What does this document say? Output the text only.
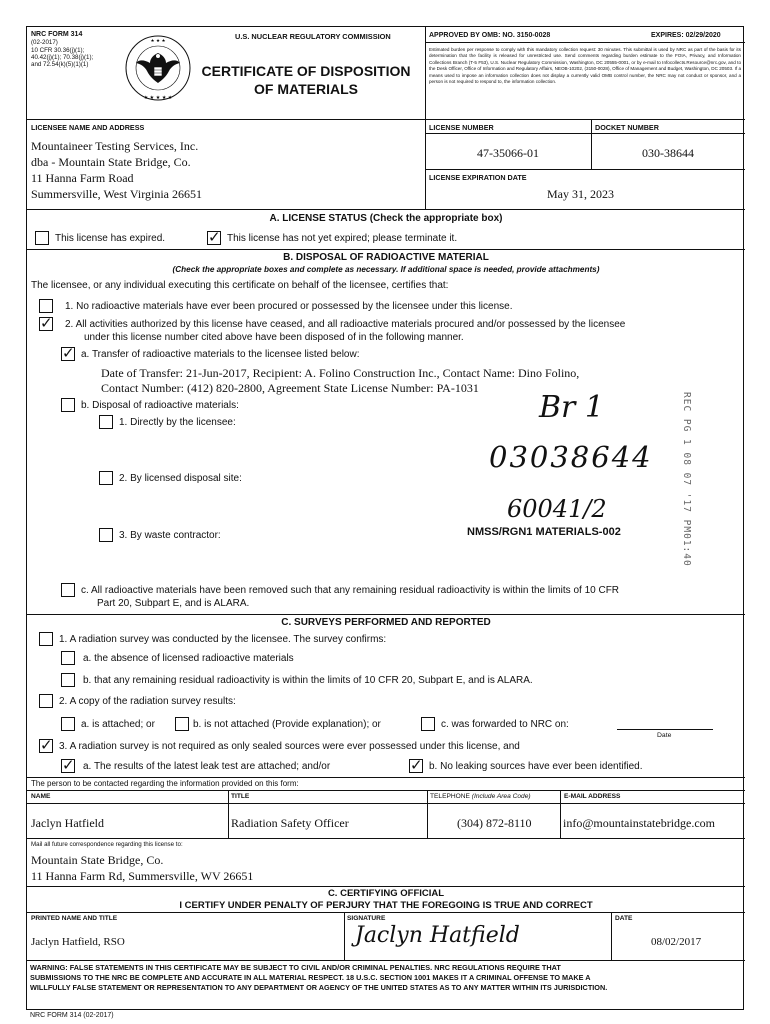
NRC FORM 314
(02-2017)
10 CFR 30.36(j)(1);
40.42(j)(1); 70.38(j)(1);
and 72.54(k)(5)(1)(1)
★ ★ ★
★ ★ ★ ★ ★
U.S. NUCLEAR REGULATORY COMMISSION
CERTIFICATE OF DISPOSITION
OF MATERIALS
APPROVED BY OMB: NO. 3150-0028	EXPIRES: 02/29/2020
Estimated burden per response to comply with this mandatory collection request: 30 minutes. This submittal is used by NRC as part of the basis for its determination that the facility is released for unrestricted use. Send comments regarding burden estimate to the FOIA, Privacy, and Information Collections Branch (T-5 F53), U.S. Nuclear Regulatory Commission, Washington, DC 20555-0001, or by e-mail to Infocollects.Resource@nrc.gov, and to the Desk Officer, Office of Information and Regulatory Affairs, NEOB-10202, (3150-0028), Office of Management and Budget, Washington, DC 20503. If a means used to impose an information collection does not display a currently valid OMB control number, the NRC may not conduct or sponsor, and a person is not required to respond to, the information collection.
LICENSEE NAME AND ADDRESS
Mountaineer Testing Services, Inc.
dba - Mountain State Bridge, Co.
11 Hanna Farm Road
Summersville, West Virginia 26651
LICENSE NUMBER	DOCKET NUMBER
47-35066-01	030-38644
LICENSE EXPIRATION DATE
May 31, 2023
A. LICENSE STATUS (Check the appropriate box)
This license has expired. ✓	This license has not yet expired; please terminate it.
B. DISPOSAL OF RADIOACTIVE MATERIAL
(Check the appropriate boxes and complete as necessary. If additional space is needed, provide attachments)
The licensee, or any individual executing this certificate on behalf of the licensee, certifies that:
1. No radioactive materials have ever been procured or possessed by the licensee under this license.
✓
2. All activities authorized by this license have ceased, and all radioactive materials procured and/or possessed by the licensee
under this license number cited above have been disposed of in the following manner.
✓
a. Transfer of radioactive materials to the licensee listed below:
Date of Transfer: 21-Jun-2017, Recipient: A. Folino Construction Inc., Contact Name: Dino Folino,
Contact Number: (412) 820-2800, Agreement State License Number: PA-1031
b. Disposal of radioactive materials:
1. Directly by the licensee:
2. By licensed disposal site:
3. By waste contractor:
Br 1
03038644
60041/2
NMSS/RGN1 MATERIALS-002	REC PG 1 08 07 '17 PM01:40
c. All radioactive materials have been removed such that any remaining residual radioactivity is within the limits of 10 CFR
Part 20, Subpart E, and is ALARA.
C. SURVEYS PERFORMED AND REPORTED
1. A radiation survey was conducted by the licensee. The survey confirms:
a. the absence of licensed radioactive materials
b. that any remaining residual radioactivity is within the limits of 10 CFR 20, Subpart E, and is ALARA.
2. A copy of the radiation survey results:
a. is attached; or	b. is not attached (Provide explanation); or	c. was forwarded to NRC on:
Date
✓
3. A radiation survey is not required as only sealed sources were ever possessed under this license, and
✓
a. The results of the latest leak test are attached; and/or ✓	b. No leaking sources have ever been identified.
The person to be contacted regarding the information provided on this form:
NAME	TITLE	TELEPHONE (Include Area Code)	E-MAIL ADDRESS
Jaclyn Hatfield	Radiation Safety Officer	(304) 872-8110	info@mountainstatebridge.com
Mail all future correspondence regarding this license to:
Mountain State Bridge, Co.
11 Hanna Farm Rd, Summersville, WV 26651
C. CERTIFYING OFFICIAL
I CERTIFY UNDER PENALTY OF PERJURY THAT THE FOREGOING IS TRUE AND CORRECT
PRINTED NAME AND TITLE	SIGNATURE	DATE
Jaclyn Hatfield, RSO	Jaclyn Hatfield	08/02/2017
WARNING: FALSE STATEMENTS IN THIS CERTIFICATE MAY BE SUBJECT TO CIVIL AND/OR CRIMINAL PENALTIES. NRC REGULATIONS REQUIRE THAT
SUBMISSIONS TO THE NRC BE COMPLETE AND ACCURATE IN ALL MATERIAL RESPECT. 18 U.S.C. SECTION 1001 MAKES IT A CRIMINAL OFFENSE TO MAKE A
WILLFULLY FALSE STATEMENT OR REPRESENTATION TO ANY DEPARTMENT OR AGENCY OF THE UNITED STATES AS TO ANY MATTER WITHIN ITS JURISDICTION.
NRC FORM 314 (02-2017)
